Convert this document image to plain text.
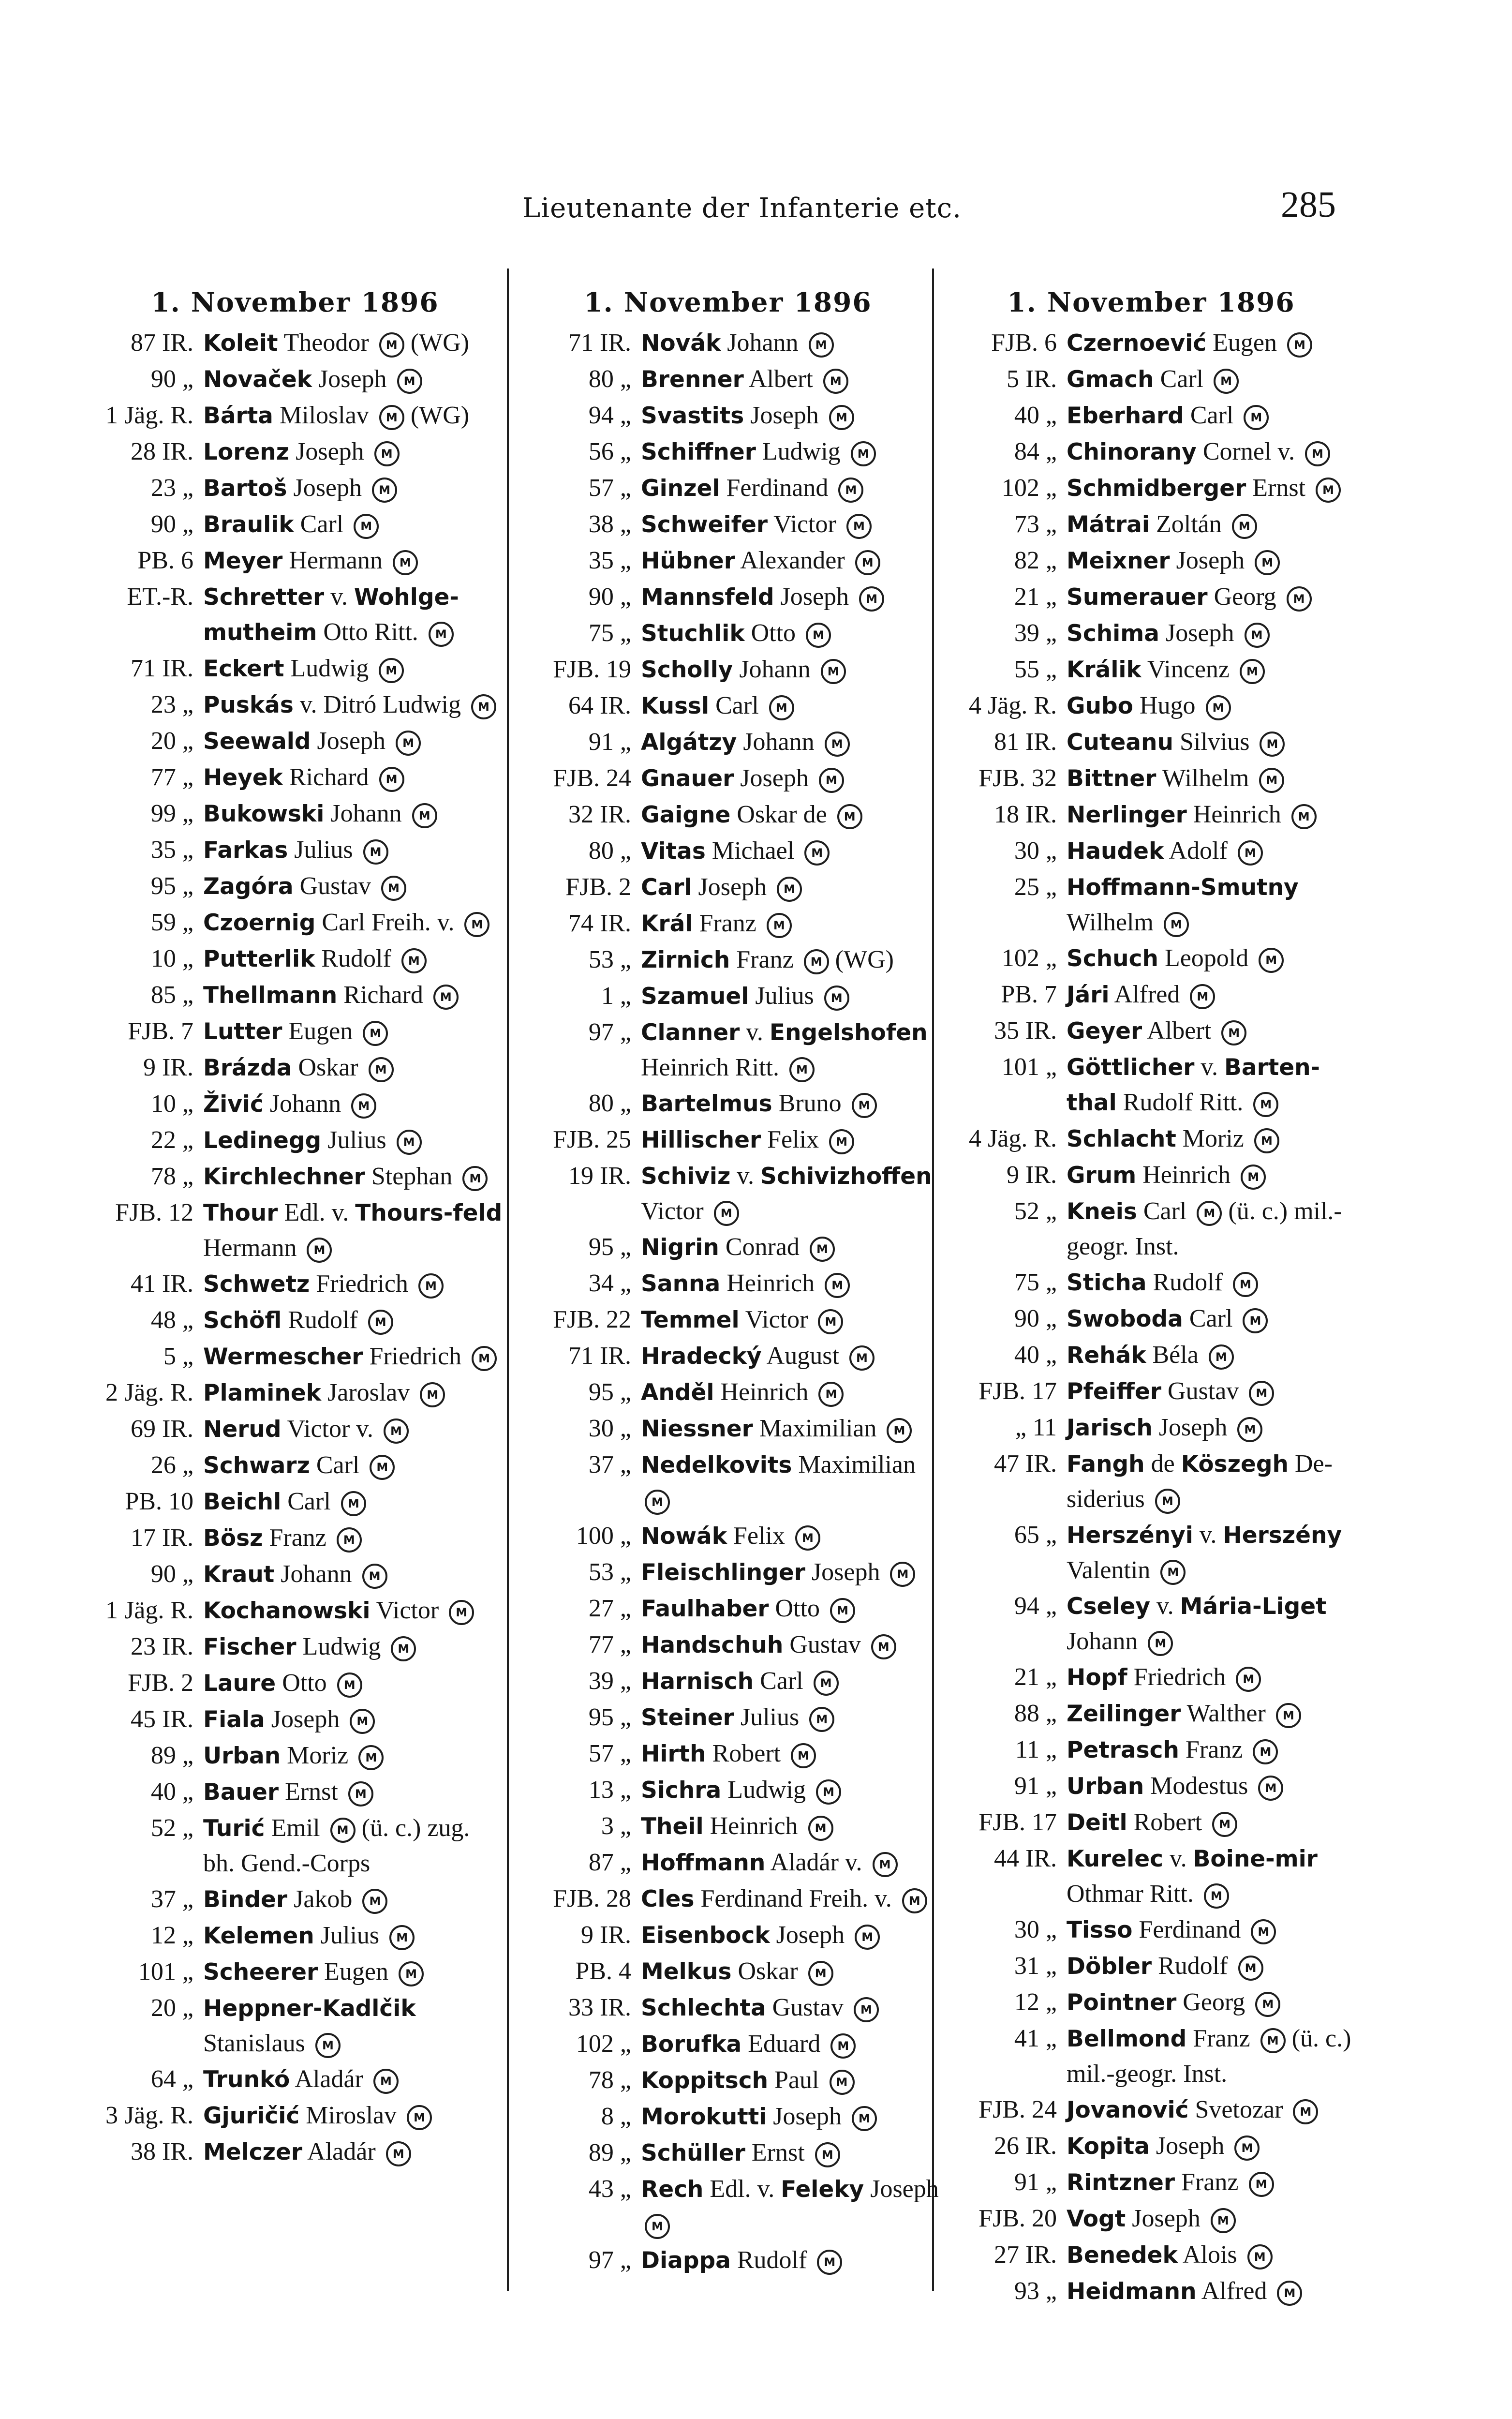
Lieutenante der Infanterie etc.	285
1. November 1896
87 IR. Koleit Theodor M (WG)
90 „ Novaček Joseph M
1 Jäg. R. Bárta Miloslav M (WG)
28 IR. Lorenz Joseph M
23 „ Bartoš Joseph M
90 „ Braulik Carl M
PB. 6 Meyer Hermann M
ET.-R. Schretter v. Wohlge-mutheim Otto Ritt. M
71 IR. Eckert Ludwig M
23 „ Puskás v. Ditró Ludwig M
20 „ Seewald Joseph M
77 „ Heyek Richard M
99 „ Bukowski Johann M
35 „ Farkas Julius M
95 „ Zagóra Gustav M
59 „ Czoernig Carl Freih. v. M
10 „ Putterlik Rudolf M
85 „ Thellmann Richard M
FJB. 7 Lutter Eugen M
9 IR. Brázda Oskar M
10 „ Živić Johann M
22 „ Ledinegg Julius M
78 „ Kirchlechner Stephan M
FJB. 12 Thour Edl. v. Thours-feld Hermann M
41 IR. Schwetz Friedrich M
48 „ Schöfl Rudolf M
5 „ Wermescher Friedrich M
2 Jäg. R. Plaminek Jaroslav M
69 IR. Nerud Victor v. M
26 „ Schwarz Carl M
PB. 10 Beichl Carl M
17 IR. Bösz Franz M
90 „ Kraut Johann M
1 Jäg. R. Kochanowski Victor M
23 IR. Fischer Ludwig M
FJB. 2 Laure Otto M
45 IR. Fiala Joseph M
89 „ Urban Moriz M
40 „ Bauer Ernst M
52 „ Turić Emil M (ü. c.) zug. bh. Gend.-Corps
37 „ Binder Jakob M
12 „ Kelemen Julius M
101 „ Scheerer Eugen M
20 „ Heppner-Kadlčik Stanislaus M
64 „ Trunkó Aladár M
3 Jäg. R. Gjuričić Miroslav M
38 IR. Melczer Aladár M
1. November 1896
71 IR. Novák Johann M
80 „ Brenner Albert M
94 „ Svastits Joseph M
56 „ Schiffner Ludwig M
57 „ Ginzel Ferdinand M
38 „ Schweifer Victor M
35 „ Hübner Alexander M
90 „ Mannsfeld Joseph M
75 „ Stuchlik Otto M
FJB. 19 Scholly Johann M
64 IR. Kussl Carl M
91 „ Algátzy Johann M
FJB. 24 Gnauer Joseph M
32 IR. Gaigne Oskar de M
80 „ Vitas Michael M
FJB. 2 Carl Joseph M
74 IR. Král Franz M
53 „ Zirnich Franz M (WG)
1 „ Szamuel Julius M
97 „ Clanner v. Engelshofen Heinrich Ritt. M
80 „ Bartelmus Bruno M
FJB. 25 Hillischer Felix M
19 IR. Schiviz v. Schivizhoffen Victor M
95 „ Nigrin Conrad M
34 „ Sanna Heinrich M
FJB. 22 Temmel Victor M
71 IR. Hradecký August M
95 „ Anděl Heinrich M
30 „ Niessner Maximilian M
37 „ Nedelkovits Maximilian M
100 „ Nowák Felix M
53 „ Fleischlinger Joseph M
27 „ Faulhaber Otto M
77 „ Handschuh Gustav M
39 „ Harnisch Carl M
95 „ Steiner Julius M
57 „ Hirth Robert M
13 „ Sichra Ludwig M
3 „ Theil Heinrich M
87 „ Hoffmann Aladár v. M
FJB. 28 Cles Ferdinand Freih. v. M
9 IR. Eisenbock Joseph M
PB. 4 Melkus Oskar M
33 IR. Schlechta Gustav M
102 „ Borufka Eduard M
78 „ Koppitsch Paul M
8 „ Morokutti Joseph M
89 „ Schüller Ernst M
43 „ Rech Edl. v. Feleky Joseph M
97 „ Diappa Rudolf M
1. November 1896
FJB. 6 Czernoević Eugen M
5 IR. Gmach Carl M
40 „ Eberhard Carl M
84 „ Chinorany Cornel v. M
102 „ Schmidberger Ernst M
73 „ Mátrai Zoltán M
82 „ Meixner Joseph M
21 „ Sumerauer Georg M
39 „ Schima Joseph M
55 „ Králik Vincenz M
4 Jäg. R. Gubo Hugo M
81 IR. Cuteanu Silvius M
FJB. 32 Bittner Wilhelm M
18 IR. Nerlinger Heinrich M
30 „ Haudek Adolf M
25 „ Hoffmann-Smutny Wilhelm M
102 „ Schuch Leopold M
PB. 7 Jári Alfred M
35 IR. Geyer Albert M
101 „ Göttlicher v. Barten-thal Rudolf Ritt. M
4 Jäg. R. Schlacht Moriz M
9 IR. Grum Heinrich M
52 „ Kneis Carl M (ü. c.) mil.-geogr. Inst.
75 „ Sticha Rudolf M
90 „ Swoboda Carl M
40 „ Rehák Béla M
FJB. 17 Pfeiffer Gustav M
„ 11 Jarisch Joseph M
47 IR. Fangh de Köszegh De-siderius M
65 „ Herszényi v. Herszény Valentin M
94 „ Cseley v. Mária-Liget Johann M
21 „ Hopf Friedrich M
88 „ Zeilinger Walther M
11 „ Petrasch Franz M
91 „ Urban Modestus M
FJB. 17 Deitl Robert M
44 IR. Kurelec v. Boine-mir Othmar Ritt. M
30 „ Tisso Ferdinand M
31 „ Döbler Rudolf M
12 „ Pointner Georg M
41 „ Bellmond Franz M (ü. c.) mil.-geogr. Inst.
FJB. 24 Jovanović Svetozar M
26 IR. Kopita Joseph M
91 „ Rintzner Franz M
FJB. 20 Vogt Joseph M
27 IR. Benedek Alois M
93 „ Heidmann Alfred M
